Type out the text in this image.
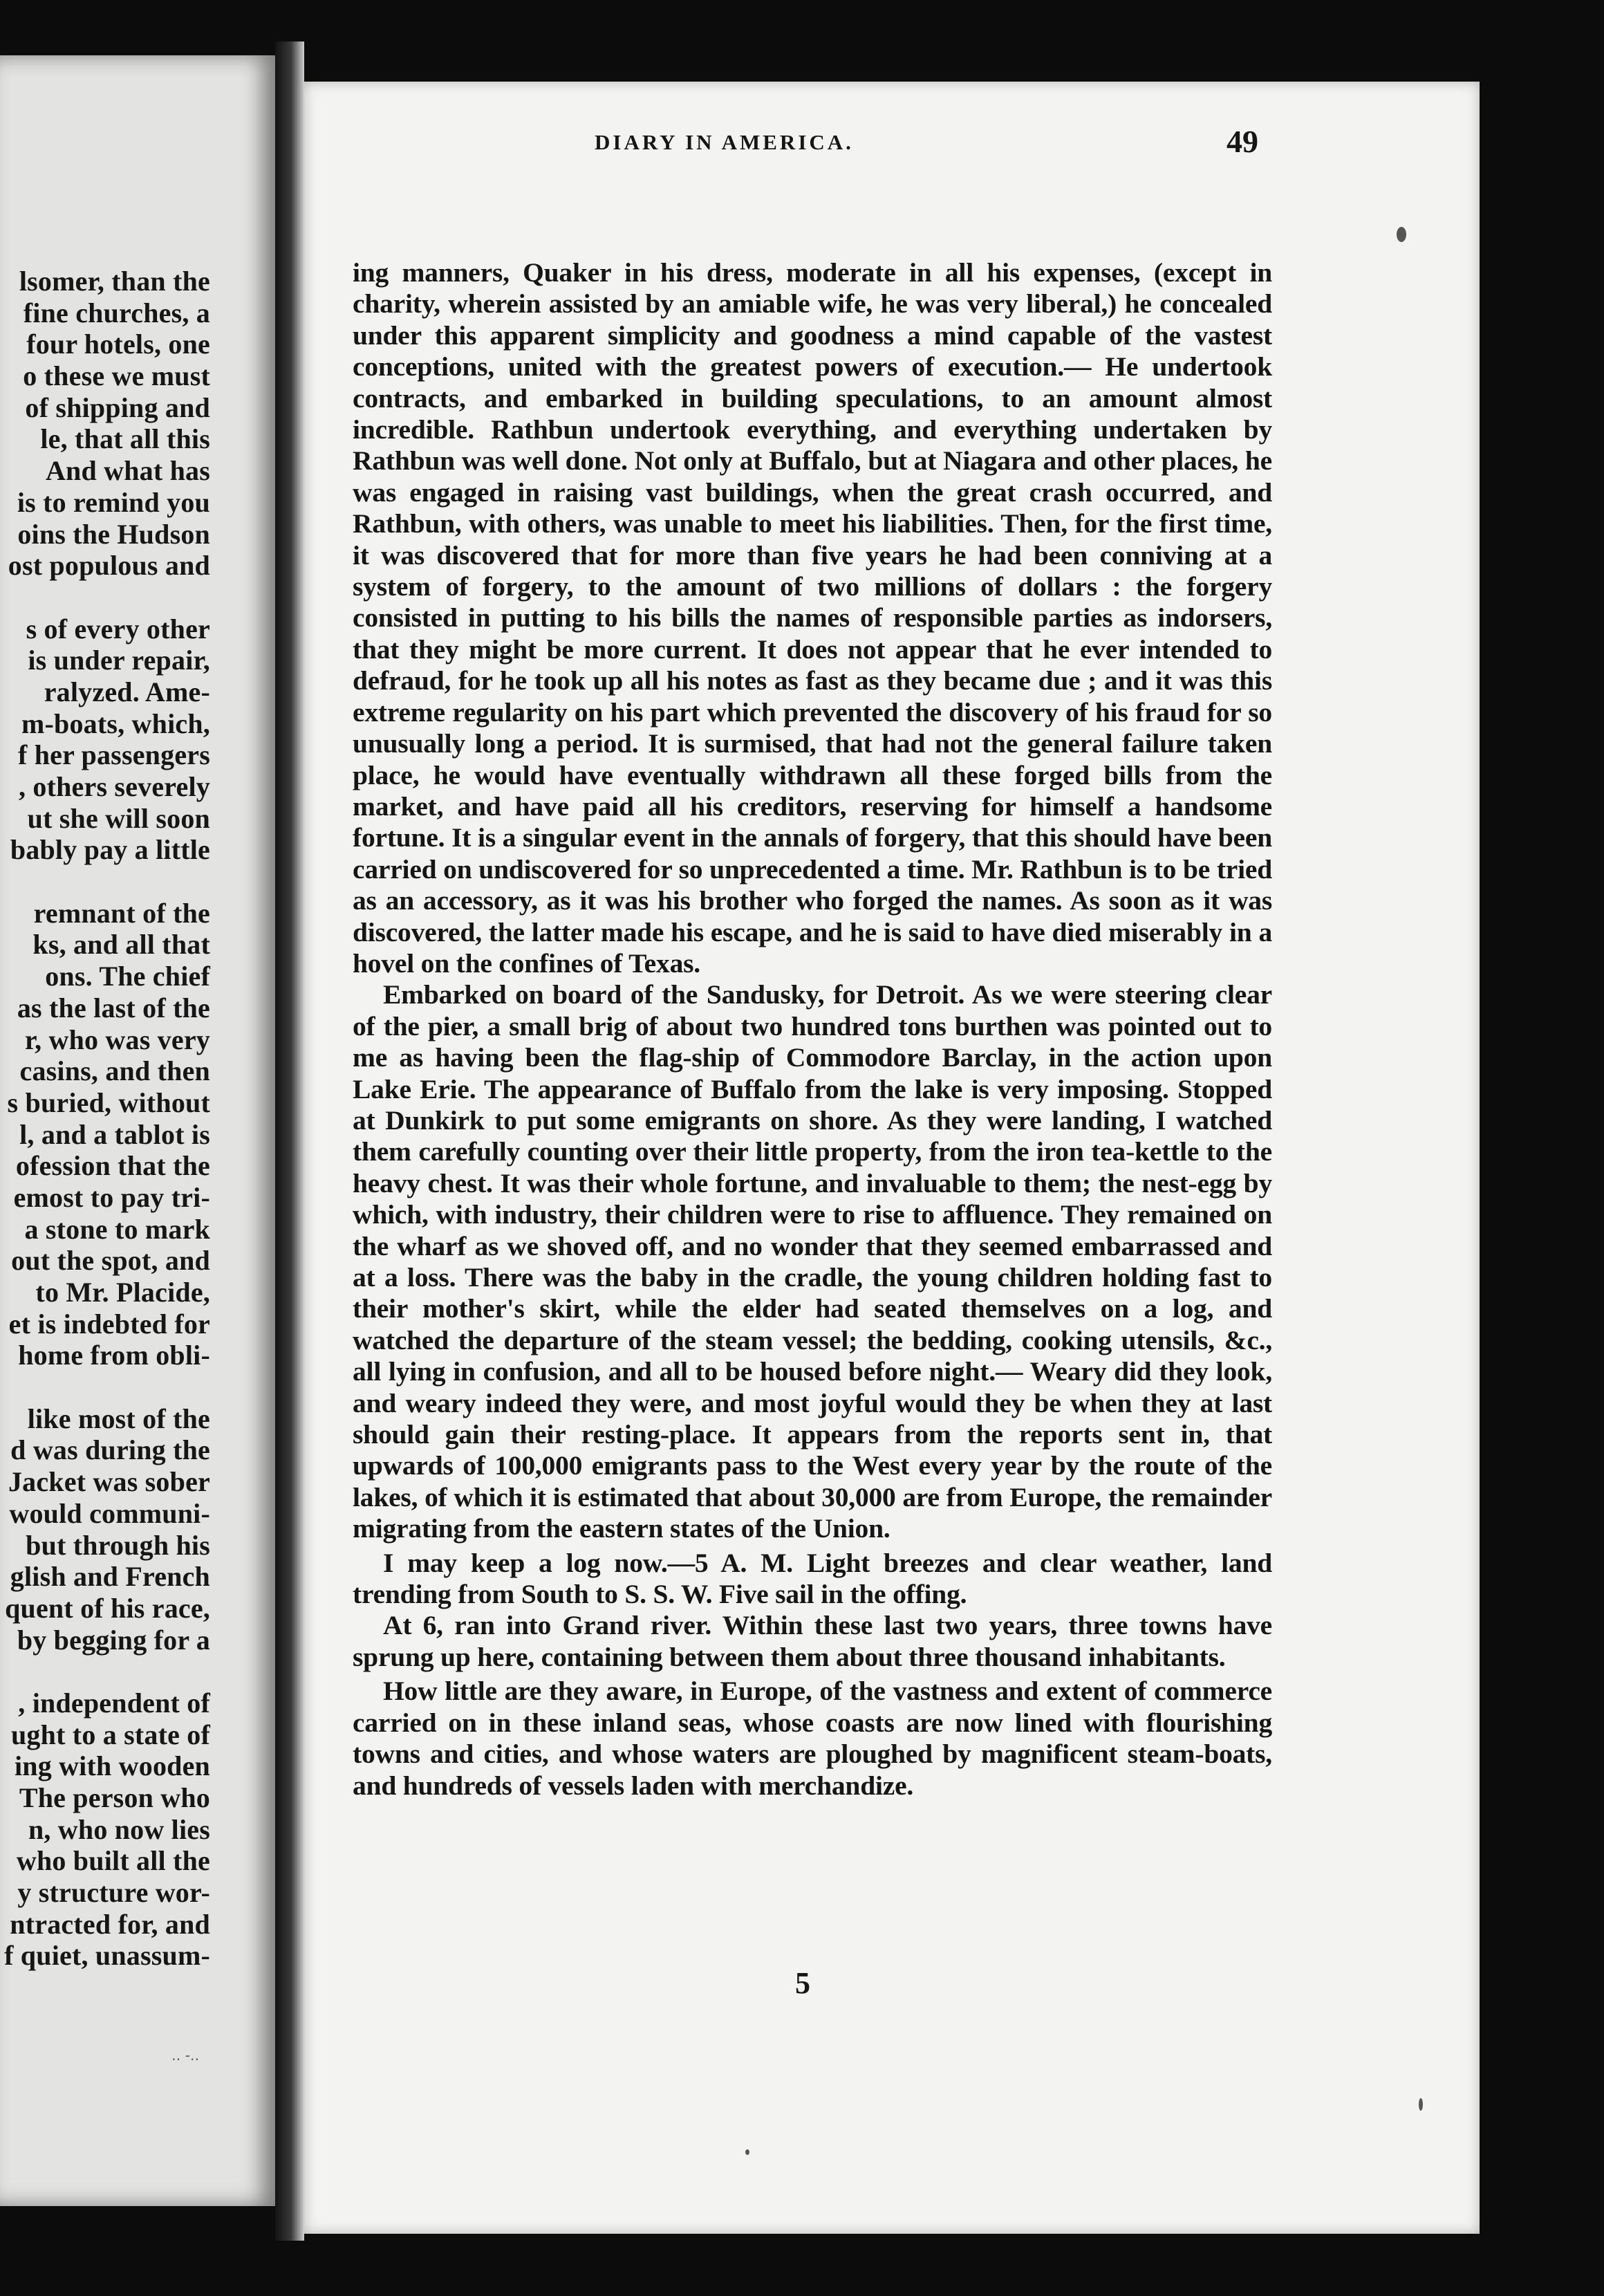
lsomer, than the
fine churches, a
four hotels, one
o these we must
of shipping and
le, that all this
And what has
is to remind you
oins the Hudson
ost populous and
s of every other
is under repair,
ralyzed. Ame-
m-boats, which,
f her passengers
, others severely
ut she will soon
bably pay a little
remnant of the
ks, and all that
ons. The chief
as the last of the
r, who was very
casins, and then
s buried, without
l, and a tablot is
ofession that the
emost to pay tri-
a stone to mark
out the spot, and
to Mr. Placide,
et is indebted for
home from obli-
like most of the
d was during the
Jacket was sober
would communi-
but through his
glish and French
quent of his race,
by begging for a
, independent of
ught to a state of
ing with wooden
The person who
n, who now lies
who built all the
y structure wor-
ntracted for, and
f quiet, unassum-
‥ -‥
DIARY IN AMERICA.	49

ing manners, Quaker in his dress, moderate in all his expenses, (except in charity, wherein assisted by an amiable wife, he was very liberal,) he concealed under this apparent simplicity and goodness a mind capable of the vastest conceptions, united with the greatest powers of execution.— He undertook contracts, and embarked in building speculations, to an amount almost incredible. Rathbun undertook everything, and everything undertaken by Rathbun was well done. Not only at Buffalo, but at Niagara and other places, he was engaged in raising vast buildings, when the great crash occurred, and Rathbun, with others, was unable to meet his liabilities. Then, for the first time, it was discovered that for more than five years he had been conniving at a system of forgery, to the amount of two millions of dollars : the forgery consisted in putting to his bills the names of responsible parties as indorsers, that they might be more current. It does not appear that he ever intended to defraud, for he took up all his notes as fast as they became due ; and it was this extreme regularity on his part which prevented the discovery of his fraud for so unusually long a period. It is surmised, that had not the general failure taken place, he would have eventually withdrawn all these forged bills from the market, and have paid all his creditors, reserving for himself a handsome fortune. It is a singular event in the annals of forgery, that this should have been carried on undiscovered for so unprecedented a time. Mr. Rathbun is to be tried as an accessory, as it was his brother who forged the names. As soon as it was discovered, the latter made his escape, and he is said to have died miserably in a hovel on the confines of Texas.

Embarked on board of the Sandusky, for Detroit. As we were steering clear of the pier, a small brig of about two hundred tons burthen was pointed out to me as having been the flag-ship of Commodore Barclay, in the action upon Lake Erie. The appearance of Buffalo from the lake is very imposing. Stopped at Dunkirk to put some emigrants on shore. As they were landing, I watched them carefully counting over their little property, from the iron tea-kettle to the heavy chest. It was their whole fortune, and invaluable to them; the nest-egg by which, with industry, their children were to rise to affluence. They remained on the wharf as we shoved off, and no wonder that they seemed embarrassed and at a loss. There was the baby in the cradle, the young children holding fast to their mother's skirt, while the elder had seated themselves on a log, and watched the departure of the steam vessel; the bedding, cooking utensils, &c., all lying in confusion, and all to be housed before night.— Weary did they look, and weary indeed they were, and most joyful would they be when they at last should gain their resting-place. It appears from the reports sent in, that upwards of 100,000 emigrants pass to the West every year by the route of the lakes, of which it is estimated that about 30,000 are from Europe, the remainder migrating from the eastern states of the Union.

I may keep a log now.—5 A. M. Light breezes and clear weather, land trending from South to S. S. W. Five sail in the offing.

At 6, ran into Grand river. Within these last two years, three towns have sprung up here, containing between them about three thousand inhabitants.

How little are they aware, in Europe, of the vastness and extent of commerce carried on in these inland seas, whose coasts are now lined with flourishing towns and cities, and whose waters are ploughed by magnificent steam-boats, and hundreds of vessels laden with merchandize.

5
